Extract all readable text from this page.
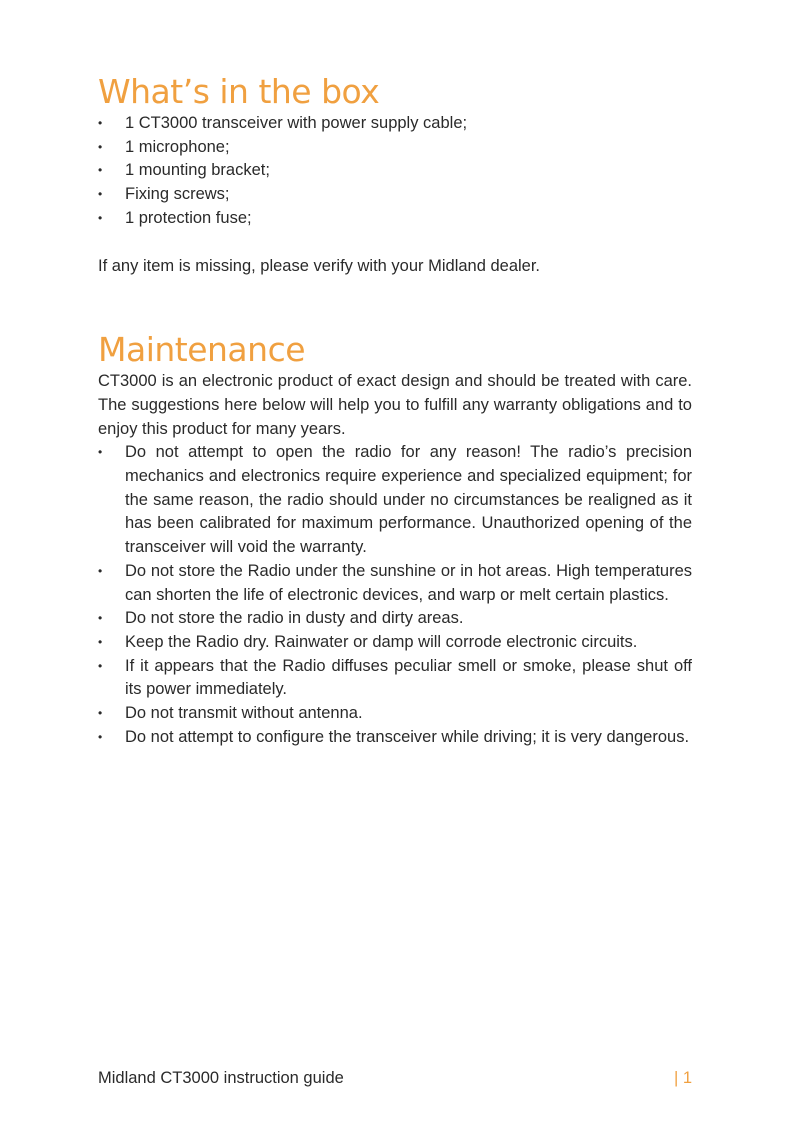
What’s in the box
•	1 CT3000 transceiver with power supply cable;
•	1 microphone;
•	1 mounting bracket;
•	Fixing screws;
•	1 protection fuse;

If any item is missing, please verify with your Midland dealer.

Maintenance

CT3000 is an electronic product of exact design and should be treated with care. The suggestions here below will help you to fulfill any warranty obligations and to enjoy this product for many years.

•	Do not attempt to open the radio for any reason! The radio’s precision mechanics and electronics require experience and specialized equipment; for the same reason, the radio should under no circumstances be realigned as it has been calibrated for maximum performance. Unauthorized opening of the transceiver will void the warranty.
•	Do not store the Radio under the sunshine or in hot areas. High temperatures can shorten the life of electronic devices, and warp or melt certain plastics.
•	Do not store the radio in dusty and dirty areas.
•	Keep the Radio dry. Rainwater or damp will corrode electronic circuits.
•	If it appears that the Radio diffuses peculiar smell or smoke, please shut off its power immediately.
•	Do not transmit without antenna.
•	Do not attempt to configure the transceiver while driving; it is very dangerous.
Midland CT3000 instruction guide	| 1
